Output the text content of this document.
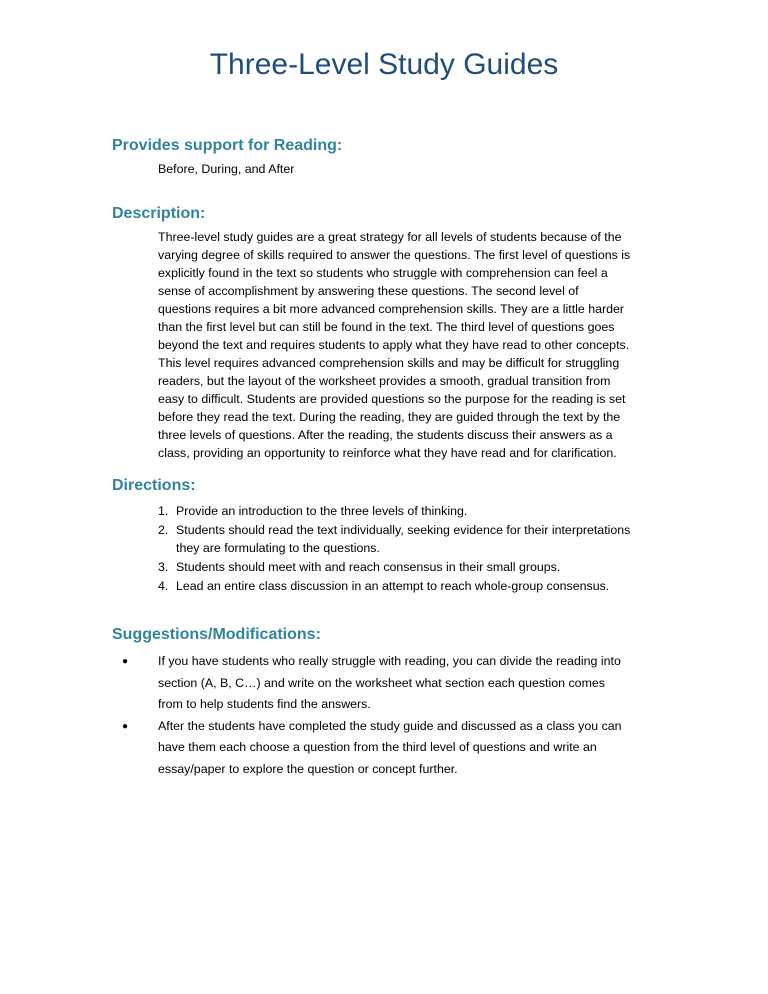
Three-Level Study Guides
Provides support for Reading:

Before, During, and After

Description:

Three-level study guides are a great strategy for all levels of students because of the varying degree of skills required to answer the questions. The first level of questions is explicitly found in the text so students who struggle with comprehension can feel a sense of accomplishment by answering these questions. The second level of questions requires a bit more advanced comprehension skills. They are a little harder than the first level but can still be found in the text. The third level of questions goes beyond the text and requires students to apply what they have read to other concepts. This level requires advanced comprehension skills and may be difficult for struggling readers, but the layout of the worksheet provides a smooth, gradual transition from easy to difficult. Students are provided questions so the purpose for the reading is set before they read the text. During the reading, they are guided through the text by the three levels of questions. After the reading, the students discuss their answers as a class, providing an opportunity to reinforce what they have read and for clarification.

Directions:
1. Provide an introduction to the three levels of thinking.
2. Students should read the text individually, seeking evidence for their interpretations they are formulating to the questions.
3. Students should meet with and reach consensus in their small groups.
4. Lead an entire class discussion in an attempt to reach whole-group consensus.
Suggestions/Modifications:
● If you have students who really struggle with reading, you can divide the reading into section (A, B, C…) and write on the worksheet what section each question comes from to help students find the answers.
● After the students have completed the study guide and discussed as a class you can have them each choose a question from the third level of questions and write an essay/paper to explore the question or concept further.
